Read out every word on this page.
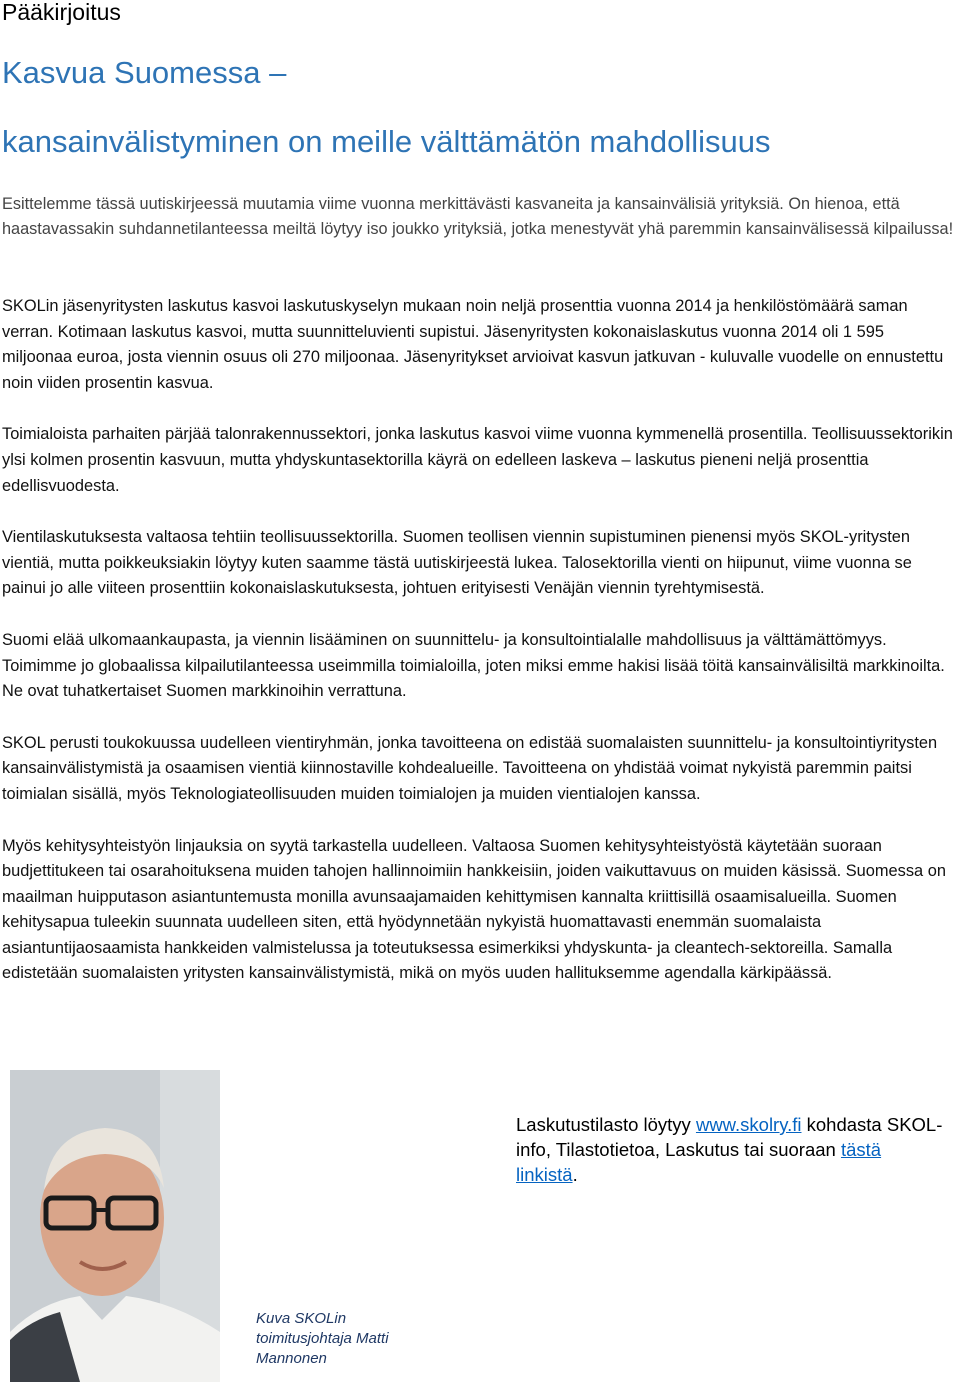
Pääkirjoitus
Kasvua Suomessa –
kansainvälistyminen on meille välttämätön mahdollisuus
Esittelemme tässä uutiskirjeessä muutamia viime vuonna merkittävästi kasvaneita ja kansainvälisiä yrityksiä. On hienoa, että haastavassakin suhdannetilanteessa meiltä löytyy iso joukko yrityksiä, jotka menestyvät yhä paremmin kansainvälisessä kilpailussa!

SKOLin jäsenyritysten laskutus kasvoi laskutuskyselyn mukaan noin neljä prosenttia vuonna 2014 ja henkilöstömäärä saman verran. Kotimaan laskutus kasvoi, mutta suunnitteluvienti supistui. Jäsenyritysten kokonaislaskutus vuonna 2014 oli 1 595 miljoonaa euroa, josta viennin osuus oli 270 miljoonaa. Jäsenyritykset arvioivat kasvun jatkuvan - kuluvalle vuodelle on ennustettu noin viiden prosentin kasvua.

Toimialoista parhaiten pärjää talonrakennussektori, jonka laskutus kasvoi viime vuonna kymmenellä prosentilla. Teollisuussektorikin ylsi kolmen prosentin kasvuun, mutta yhdyskuntasektorilla käyrä on edelleen laskeva – laskutus pieneni neljä prosenttia edellisvuodesta.

Vientilaskutuksesta valtaosa tehtiin teollisuussektorilla. Suomen teollisen viennin supistuminen pienensi myös SKOL-yritysten vientiä, mutta poikkeuksiakin löytyy kuten saamme tästä uutiskirjeestä lukea. Talosektorilla vienti on hiipunut, viime vuonna se painui jo alle viiteen prosenttiin kokonaislaskutuksesta, johtuen erityisesti Venäjän viennin tyrehtymisestä.

Suomi elää ulkomaankaupasta, ja viennin lisääminen on suunnittelu- ja konsultointialalle mahdollisuus ja välttämättömyys. Toimimme jo globaalissa kilpailutilanteessa useimmilla toimialoilla, joten miksi emme hakisi lisää töitä kansainvälisiltä markkinoilta. Ne ovat tuhatkertaiset Suomen markkinoihin verrattuna.

SKOL perusti toukokuussa uudelleen vientiryhmän, jonka tavoitteena on edistää suomalaisten suunnittelu- ja konsultointiyritysten kansainvälistymistä ja osaamisen vientiä kiinnostaville kohdealueille. Tavoitteena on yhdistää voimat nykyistä paremmin paitsi toimialan sisällä, myös Teknologiateollisuuden muiden toimialojen ja muiden vientialojen kanssa.

Myös kehitysyhteistyön linjauksia on syytä tarkastella uudelleen. Valtaosa Suomen kehitysyhteistyöstä käytetään suoraan budjettitukeen tai osarahoituksena muiden tahojen hallinnoimiin hankkeisiin, joiden vaikuttavuus on muiden käsissä. Suomessa on maailman huipputason asiantuntemusta monilla avunsaajamaiden kehittymisen kannalta kriittisillä osaamisalueilla. Suomen kehitysapua tuleekin suunnata uudelleen siten, että hyödynnetään nykyistä huomattavasti enemmän suomalaista asiantuntijaosaamista hankkeiden valmistelussa ja toteutuksessa esimerkiksi yhdyskunta- ja cleantech-sektoreilla. Samalla edistetään suomalaisten yritysten kansainvälistymistä, mikä on myös uuden hallituksemme agendalla kärkipäässä.

Laskutustilasto löytyy www.skolry.fi kohdasta SKOL-info, Tilastotietoa, Laskutus tai suoraan tästä linkistä.
Kuva SKOLin toimitusjohtaja Matti Mannonen
